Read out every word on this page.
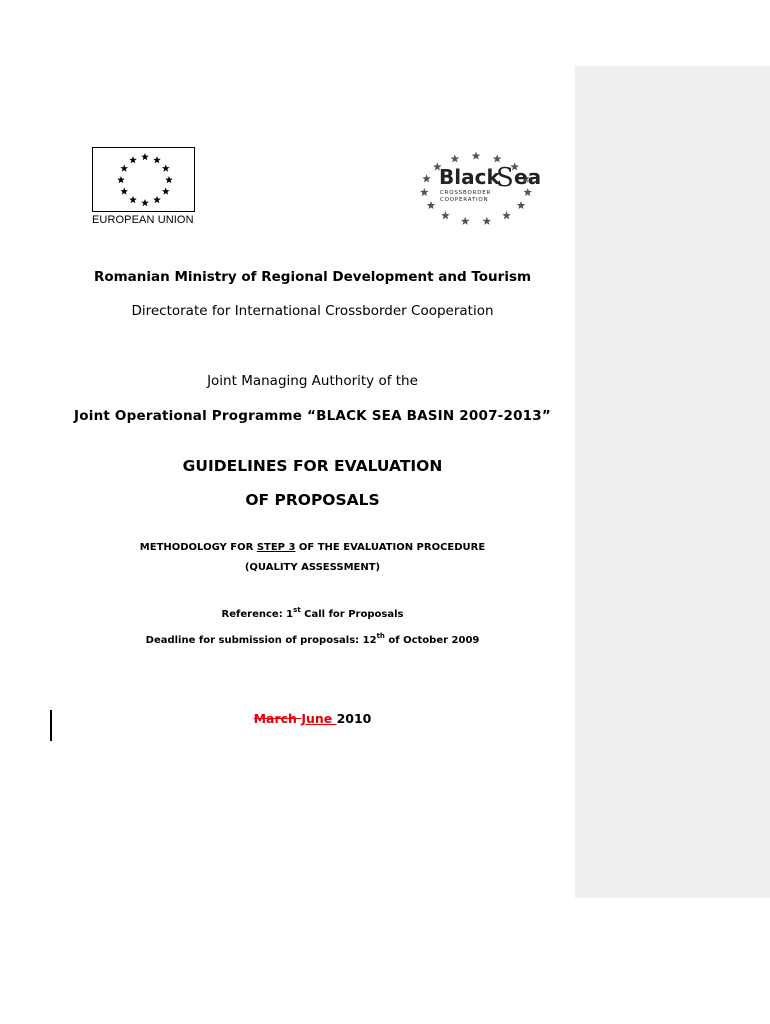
EUROPEAN UNION
Black
S ea
CROSSBORDER
COOPERATION
Romanian Ministry of Regional Development and Tourism
Directorate for International Crossborder Cooperation
Joint Managing Authority of the
Joint Operational Programme “BLACK SEA BASIN 2007-2013”
GUIDELINES FOR EVALUATION
OF PROPOSALS
METHODOLOGY FOR STEP 3 OF THE EVALUATION PROCEDURE
(QUALITY ASSESSMENT)
Reference: 1st Call for Proposals
Deadline for submission of proposals: 12th of October 2009
March June 2010
